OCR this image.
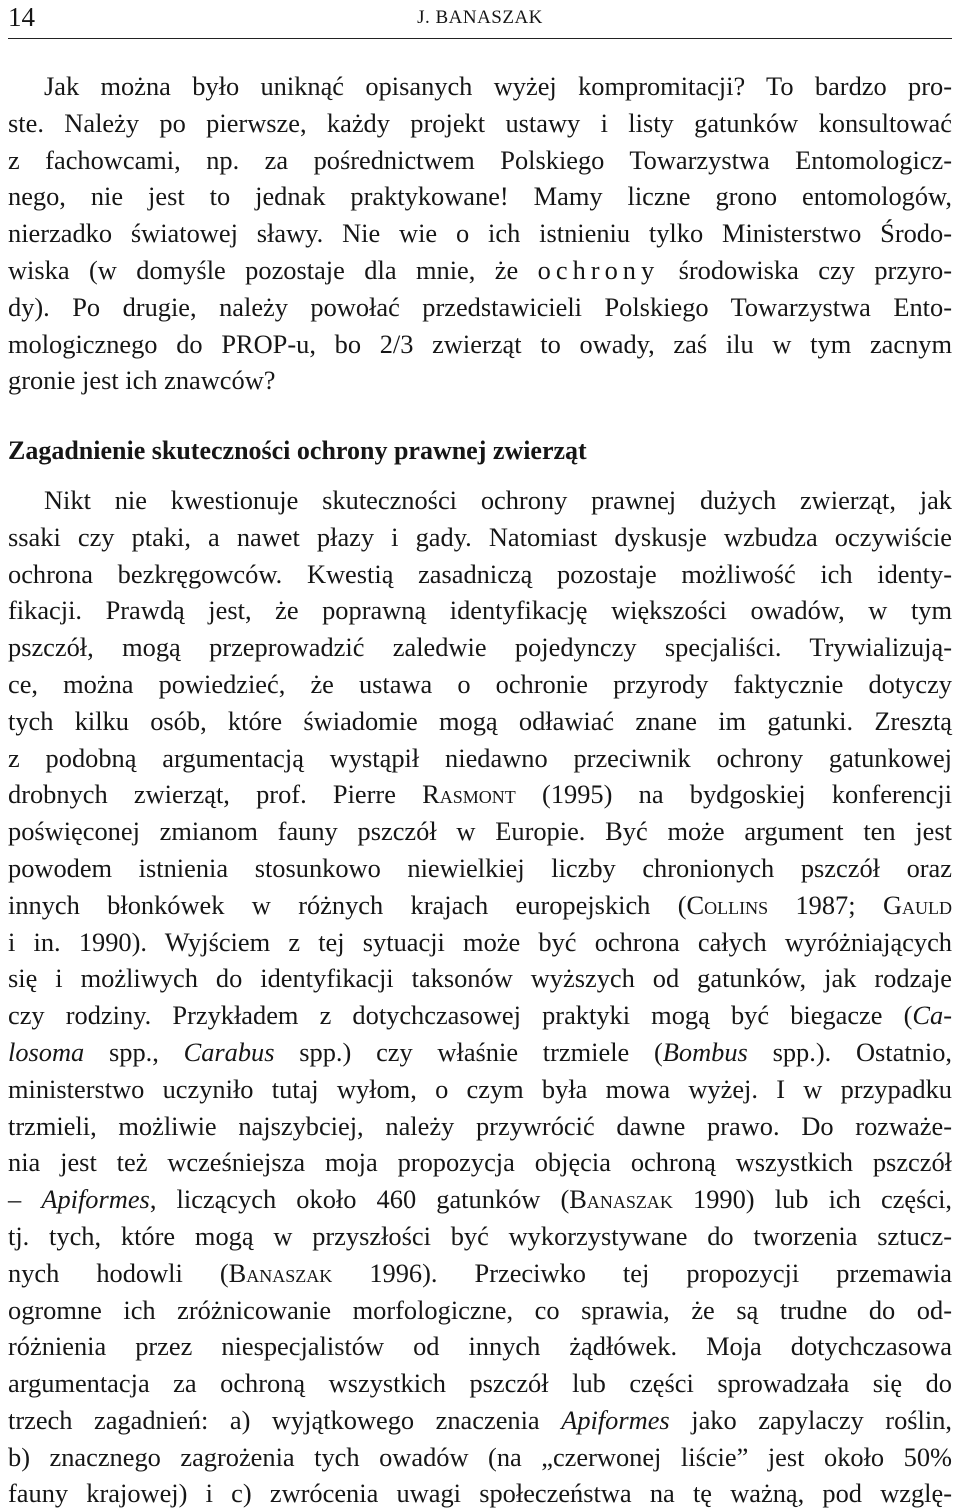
14	J. BANASZAK
Jak można było uniknąć opisanych wyżej kompromitacji? To bardzo pro-
ste. Należy po pierwsze, każdy projekt ustawy i listy gatunków konsultować
z fachowcami, np. za pośrednictwem Polskiego Towarzystwa Entomologicz-
nego, nie jest to jednak praktykowane! Mamy liczne grono entomologów,
nierzadko światowej sławy. Nie wie o ich istnieniu tylko Ministerstwo Środo-
wiska (w domyśle pozostaje dla mnie, że ochrony środowiska czy przyro-
dy). Po drugie, należy powołać przedstawicieli Polskiego Towarzystwa Ento-
mologicznego do PROP-u, bo 2/3 zwierząt to owady, zaś ilu w tym zacnym
gronie jest ich znawców?
Zagadnienie skuteczności ochrony prawnej zwierząt
Nikt nie kwestionuje skuteczności ochrony prawnej dużych zwierząt, jak
ssaki czy ptaki, a nawet płazy i gady. Natomiast dyskusje wzbudza oczywiście
ochrona bezkręgowców. Kwestią zasadniczą pozostaje możliwość ich identy-
fikacji. Prawdą jest, że poprawną identyfikację większości owadów, w tym
pszczół, mogą przeprowadzić zaledwie pojedynczy specjaliści. Trywializują-
ce, można powiedzieć, że ustawa o ochronie przyrody faktycznie dotyczy
tych kilku osób, które świadomie mogą odławiać znane im gatunki. Zresztą
z podobną argumentacją wystąpił niedawno przeciwnik ochrony gatunkowej
drobnych zwierząt, prof. Pierre Rasmont (1995) na bydgoskiej konferencji
poświęconej zmianom fauny pszczół w Europie. Być może argument ten jest
powodem istnienia stosunkowo niewielkiej liczby chronionych pszczół oraz
innych błonkówek w różnych krajach europejskich (Collins 1987; Gauld
i in. 1990). Wyjściem z tej sytuacji może być ochrona całych wyróżniających
się i możliwych do identyfikacji taksonów wyższych od gatunków, jak rodzaje
czy rodziny. Przykładem z dotychczasowej praktyki mogą być biegacze (Ca-
losoma spp., Carabus spp.) czy właśnie trzmiele (Bombus spp.). Ostatnio,
ministerstwo uczyniło tutaj wyłom, o czym była mowa wyżej. I w przypadku
trzmieli, możliwie najszybciej, należy przywrócić dawne prawo. Do rozważe-
nia jest też wcześniejsza moja propozycja objęcia ochroną wszystkich pszczół
– Apiformes, liczących około 460 gatunków (Banaszak 1990) lub ich części,
tj. tych, które mogą w przyszłości być wykorzystywane do tworzenia sztucz-
nych hodowli (Banaszak 1996). Przeciwko tej propozycji przemawia
ogromne ich zróżnicowanie morfologiczne, co sprawia, że są trudne do od-
różnienia przez niespecjalistów od innych żądłówek. Moja dotychczasowa
argumentacja za ochroną wszystkich pszczół lub części sprowadzała się do
trzech zagadnień: a) wyjątkowego znaczenia Apiformes jako zapylaczy roślin,
b) znacznego zagrożenia tych owadów (na „czerwonej liście” jest około 50%
fauny krajowej) i c) zwrócenia uwagi społeczeństwa na tę ważną, pod wzglę-
